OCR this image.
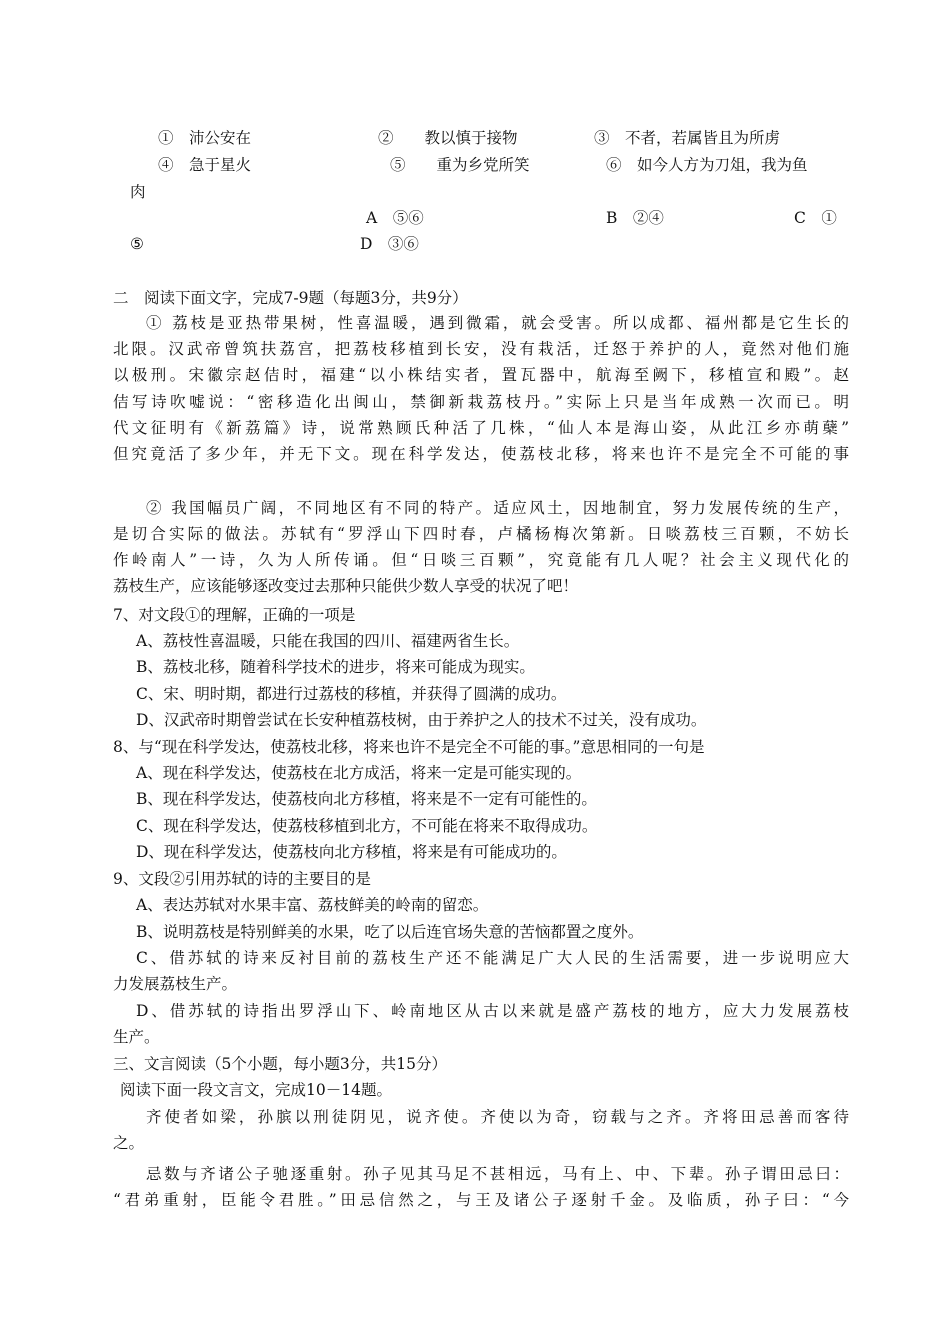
①　沛公安在	②　　教以慎于接物	③　不者，若属皆且为所虏
④　急于星火	⑤　　重为乡党所笑	⑥　如今人方为刀俎，我为鱼
肉
A　⑤⑥	B　②④	C　①
⑤	D　③⑥
二　阅读下面文字，完成7-9题（每题3分，共9分）
① 荔枝是亚热带果树，性喜温暖，遇到微霜，就会受害。所以成都、福州都是它生长的
北限。汉武帝曾筑扶荔宫，把荔枝移植到长安，没有栽活，迁怒于养护的人，竟然对他们施
以极刑。宋徽宗赵佶时，福建“以小株结实者，置瓦器中，航海至阙下，移植宣和殿”。赵
佶写诗吹嘘说：“密移造化出闽山，禁御新栽荔枝丹。”实际上只是当年成熟一次而已。明
代文征明有《新荔篇》诗，说常熟顾氏种活了几株，“仙人本是海山姿，从此江乡亦萌蘖”
但究竟活了多少年，并无下文。现在科学发达，使荔枝北移，将来也许不是完全不可能的事
② 我国幅员广阔，不同地区有不同的特产。适应风土，因地制宜，努力发展传统的生产，
是切合实际的做法。苏轼有“罗浮山下四时春，卢橘杨梅次第新。日啖荔枝三百颗，不妨长
作岭南人”一诗，久为人所传诵。但“日啖三百颗”，究竟能有几人呢？社会主义现代化的
荔枝生产，应该能够逐改变过去那种只能供少数人享受的状况了吧！
7、对文段①的理解，正确的一项是
A、荔枝性喜温暖，只能在我国的四川、福建两省生长。
B、荔枝北移，随着科学技术的进步，将来可能成为现实。
C、宋、明时期，都进行过荔枝的移植，并获得了圆满的成功。
D、汉武帝时期曾尝试在长安种植荔枝树，由于养护之人的技术不过关，没有成功。
8、与“现在科学发达，使荔枝北移，将来也许不是完全不可能的事。”意思相同的一句是
A、现在科学发达，使荔枝在北方成活，将来一定是可能实现的。
B、现在科学发达，使荔枝向北方移植，将来是不一定有可能性的。
C、现在科学发达，使荔枝移植到北方，不可能在将来不取得成功。
D、现在科学发达，使荔枝向北方移植，将来是有可能成功的。
9、文段②引用苏轼的诗的主要目的是
A、表达苏轼对水果丰富、荔枝鲜美的岭南的留恋。
B、说明荔枝是特别鲜美的水果，吃了以后连官场失意的苦恼都置之度外。
C、借苏轼的诗来反衬目前的荔枝生产还不能满足广大人民的生活需要，进一步说明应大
力发展荔枝生产。
D、借苏轼的诗指出罗浮山下、岭南地区从古以来就是盛产荔枝的地方，应大力发展荔枝
生产。
三、文言阅读（5个小题，每小题3分，共15分）
阅读下面一段文言文，完成10－14题。
齐使者如梁，孙膑以刑徒阴见，说齐使。齐使以为奇，窃载与之齐。齐将田忌善而客待
之。
忌数与齐诸公子驰逐重射。孙子见其马足不甚相远，马有上、中、下辈。孙子谓田忌曰：
“君弟重射，臣能令君胜。”田忌信然之，与王及诸公子逐射千金。及临质，孙子曰：“今
